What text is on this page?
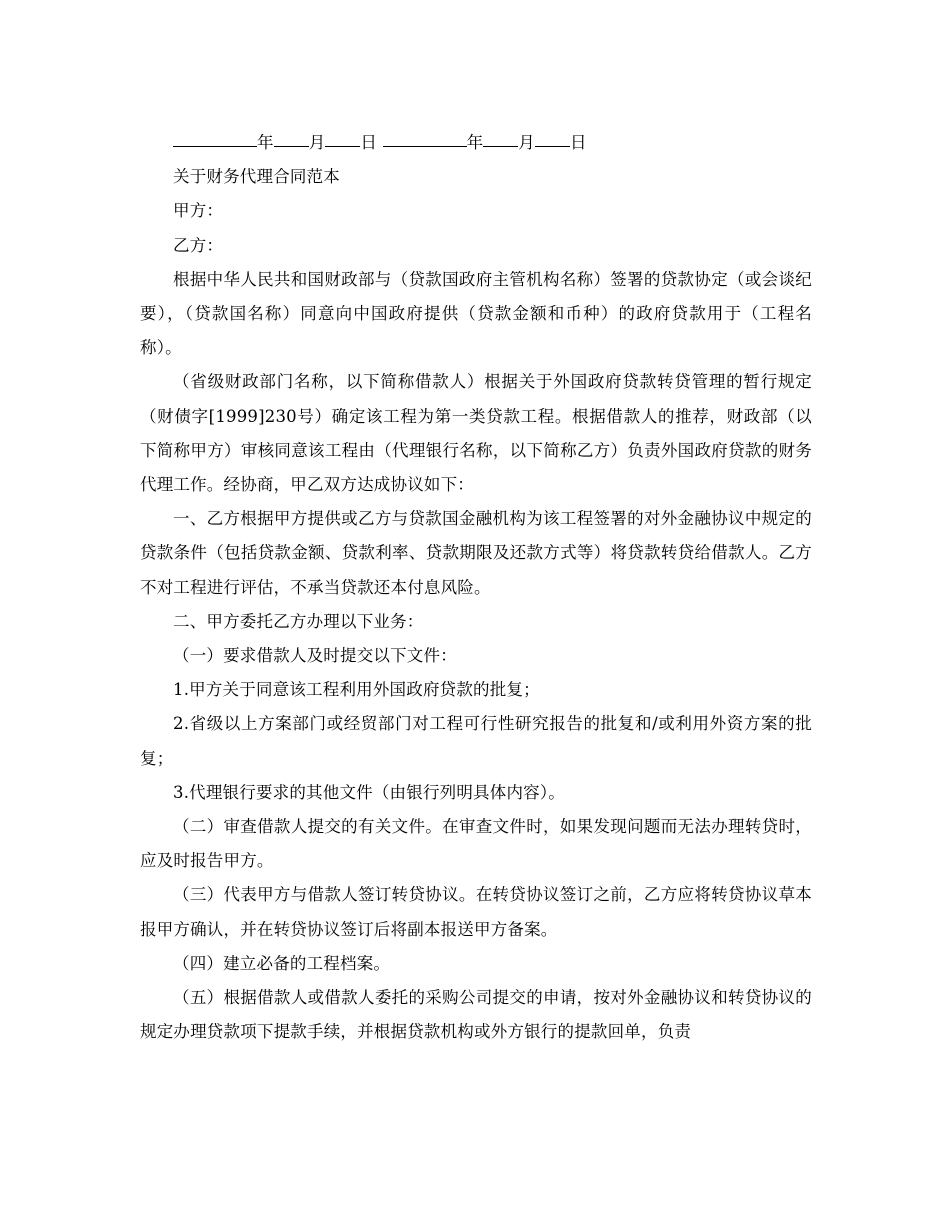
年 月 日	年 月 日

关于财务代理合同范本

甲方：

乙方：

根据中华人民共和国财政部与（贷款国政府主管机构名称）签署的贷款协定（或会谈纪要），（贷款国名称）同意向中国政府提供（贷款金额和币种）的政府贷款用于（工程名称）。

（省级财政部门名称，以下简称借款人）根据关于外国政府贷款转贷管理的暂行规定（财债字[1999]230号）确定该工程为第一类贷款工程。根据借款人的推荐，财政部（以下简称甲方）审核同意该工程由（代理银行名称，以下简称乙方）负责外国政府贷款的财务代理工作。经协商，甲乙双方达成协议如下：

一、乙方根据甲方提供或乙方与贷款国金融机构为该工程签署的对外金融协议中规定的贷款条件（包括贷款金额、贷款利率、贷款期限及还款方式等）将贷款转贷给借款人。乙方不对工程进行评估，不承当贷款还本付息风险。

二、甲方委托乙方办理以下业务：

（一）要求借款人及时提交以下文件：

1.甲方关于同意该工程利用外国政府贷款的批复；

2.省级以上方案部门或经贸部门对工程可行性研究报告的批复和/或利用外资方案的批复；

3.代理银行要求的其他文件（由银行列明具体内容）。

（二）审查借款人提交的有关文件。在审查文件时，如果发现问题而无法办理转贷时，应及时报告甲方。

（三）代表甲方与借款人签订转贷协议。在转贷协议签订之前，乙方应将转贷协议草本报甲方确认，并在转贷协议签订后将副本报送甲方备案。

（四）建立必备的工程档案。

（五）根据借款人或借款人委托的采购公司提交的申请，按对外金融协议和转贷协议的规定办理贷款项下提款手续，并根据贷款机构或外方银行的提款回单，负责
